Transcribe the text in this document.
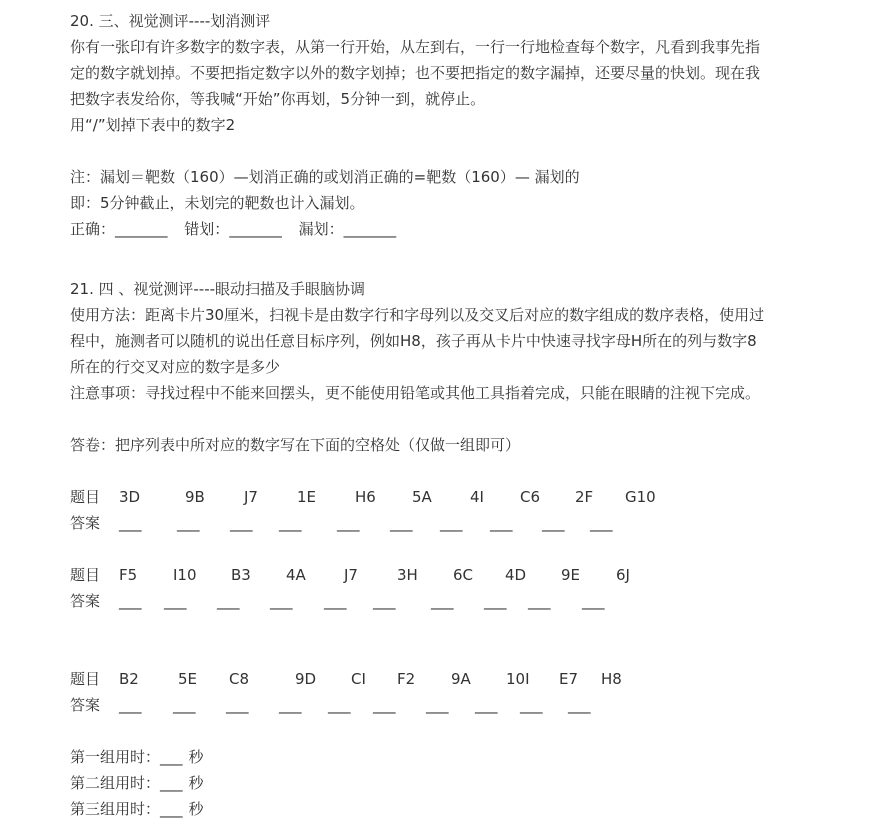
20. 三、视觉测评----划消测评
你有一张印有许多数字的数字表，从第一行开始，从左到右，一行一行地检查每个数字，凡看到我事先指
定的数字就划掉。不要把指定数字以外的数字划掉；也不要把指定的数字漏掉，还要尽量的快划。现在我
把数字表发给你，等我喊“开始”你再划，5分钟一到，就停止。
用“/”划掉下表中的数字2
注：漏划＝靶数（160）—划消正确的或划消正确的=靶数（160）— 漏划的
即：5分钟截止，未划完的靶数也计入漏划。
正确：_______ 错划：_______ 漏划：_______
21. 四 、视觉测评----眼动扫描及手眼脑协调
使用方法：距离卡片30厘米，扫视卡是由数字行和字母列以及交叉后对应的数字组成的数序表格，使用过
程中，施测者可以随机的说出任意目标序列，例如H8，孩子再从卡片中快速寻找字母H所在的列与数字8
所在的行交叉对应的数字是多少
注意事项：寻找过程中不能来回摆头，更不能使用铅笔或其他工具指着完成，只能在眼睛的注视下完成。
答卷：把序列表中所对应的数字写在下面的空格处（仅做一组即可）
题目 3D	9B	J7	1E	H6 5A	4I C6 2F G10
答案 ___ ___ ___ ___ ___ ___ ___ ___ ___ ___
题目 F5 I10 B3 4A	J7	3H 6C 4D 9E 6J
答案 ___ ___ ___ ___ ___ ___ ___ ___ ___ ___
题目 B2	5E C8	9D CI F2 9A 10I E7 H8
答案 ___ ___ ___ ___ ___ ___ ___ ___ ___ ___
第一组用时：___ 秒
第二组用时：___ 秒
第三组用时：___ 秒
